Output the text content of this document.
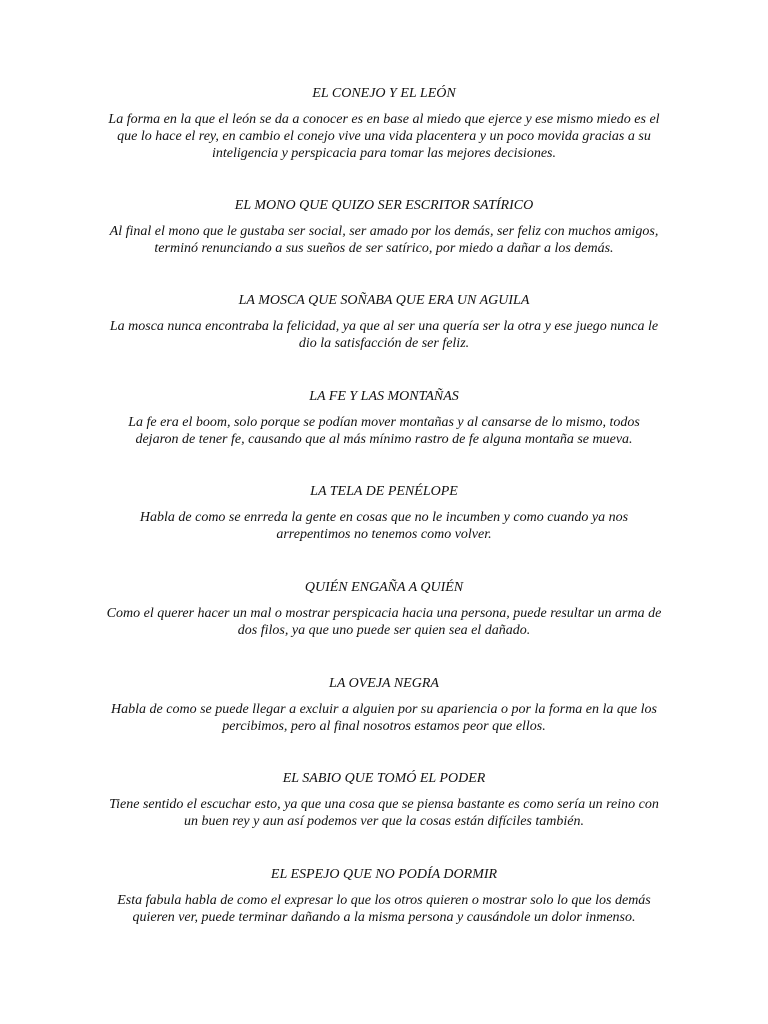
EL CONEJO Y EL LEÓN

La forma en la que el león se da a conocer es en base al miedo que ejerce y ese mismo miedo es el que lo hace el rey, en cambio el conejo vive una vida placentera y un poco movida gracias a su inteligencia y perspicacia para tomar las mejores decisiones.

EL MONO QUE QUIZO SER ESCRITOR SATÍRICO

Al final el mono que le gustaba ser social, ser amado por los demás, ser feliz con muchos amigos, terminó renunciando a sus sueños de ser satírico, por miedo a dañar a los demás.

LA MOSCA QUE SOÑABA QUE ERA UN AGUILA

La mosca nunca encontraba la felicidad, ya que al ser una quería ser la otra y ese juego nunca le dio la satisfacción de ser feliz.

LA FE Y LAS MONTAÑAS

La fe era el boom, solo porque se podían mover montañas y al cansarse de lo mismo, todos dejaron de tener fe, causando que al más mínimo rastro de fe alguna montaña se mueva.

LA TELA DE PENÉLOPE

Habla de como se enrreda la gente en cosas que no le incumben y como cuando ya nos arrepentimos no tenemos como volver.

QUIÉN ENGAÑA A QUIÉN

Como el querer hacer un mal o mostrar perspicacia hacia una persona, puede resultar un arma de dos filos, ya que uno puede ser quien sea el dañado.

LA OVEJA NEGRA

Habla de como se puede llegar a excluir a alguien por su apariencia o por la forma en la que los percibimos, pero al final nosotros estamos peor que ellos.

EL SABIO QUE TOMÓ EL PODER

Tiene sentido el escuchar esto, ya que una cosa que se piensa bastante es como sería un reino con un buen rey y aun así podemos ver que la cosas están difíciles también.

EL ESPEJO QUE NO PODÍA DORMIR

Esta fabula habla de como el expresar lo que los otros quieren o mostrar solo lo que los demás quieren ver, puede terminar dañando a la misma persona y causándole un dolor inmenso.
